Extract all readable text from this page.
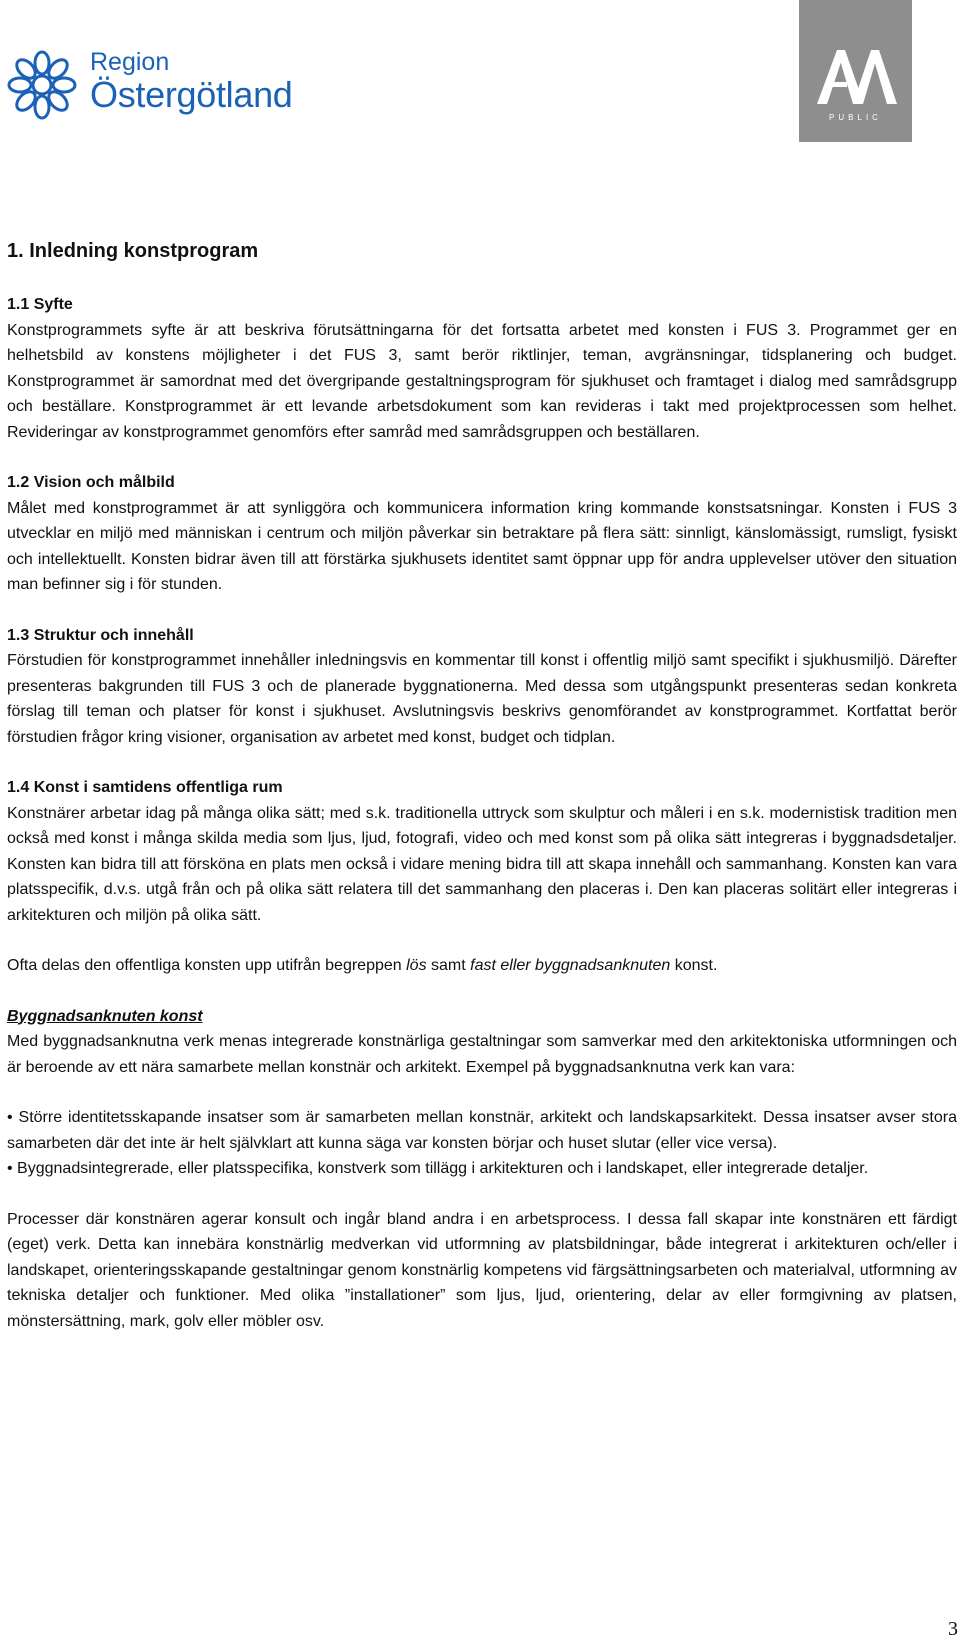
Region
Östergötland
PUBLIC
1. Inledning konstprogram
1.1 Syfte

Konstprogrammets syfte är att beskriva förutsättningarna för det fortsatta arbetet med konsten i FUS 3. Programmet ger en helhetsbild av konstens möjligheter i det FUS 3, samt berör riktlinjer, teman, avgränsningar, tidsplanering och budget. Konstprogrammet är samordnat med det övergripande gestaltningsprogram för sjukhuset och framtaget i dialog med samrådsgrupp och beställare. Konstprogrammet är ett levande arbetsdokument som kan revideras i takt med projektprocessen som helhet. Revideringar av konstprogrammet genomförs efter samråd med samrådsgruppen och beställaren.

1.2 Vision och målbild

Målet med konstprogrammet är att synliggöra och kommunicera information kring kommande konstsatsningar. Konsten i FUS 3 utvecklar en miljö med människan i centrum och miljön påverkar sin betraktare på flera sätt: sinnligt, känslomässigt, rumsligt, fysiskt och intellektuellt. Konsten bidrar även till att förstärka sjukhusets identitet samt öppnar upp för andra upplevelser utöver den situation man befinner sig i för stunden.

1.3 Struktur och innehåll

Förstudien för konstprogrammet innehåller inledningsvis en kommentar till konst i offentlig miljö samt specifikt i sjukhusmiljö. Därefter presenteras bakgrunden till FUS 3 och de planerade byggnationerna. Med dessa som utgångspunkt presenteras sedan konkreta förslag till teman och platser för konst i sjukhuset. Avslutningsvis beskrivs genomförandet av konstprogrammet. Kortfattat berör förstudien frågor kring visioner, organisation av arbetet med konst, budget och tidplan.

1.4 Konst i samtidens offentliga rum

Konstnärer arbetar idag på många olika sätt; med s.k. traditionella uttryck som skulptur och måleri i en s.k. modernistisk tradition men också med konst i många skilda media som ljus, ljud, fotografi, video och med konst som på olika sätt integreras i byggnadsdetaljer. Konsten kan bidra till att försköna en plats men också i vidare mening bidra till att skapa innehåll och sammanhang. Konsten kan vara platsspecifik, d.v.s. utgå från och på olika sätt relatera till det sammanhang den placeras i. Den kan placeras solitärt eller integreras i arkitekturen och miljön på olika sätt.

Ofta delas den offentliga konsten upp utifrån begreppen lös samt fast eller byggnadsanknuten konst.

Byggnadsanknuten konst

Med byggnadsanknutna verk menas integrerade konstnärliga gestaltningar som samverkar med den arkitektoniska utformningen och är beroende av ett nära samarbete mellan konstnär och arkitekt. Exempel på byggnadsanknutna verk kan vara:

• Större identitetsskapande insatser som är samarbeten mellan konstnär, arkitekt och landskapsarkitekt. Dessa insatser avser stora samarbeten där det inte är helt självklart att kunna säga var konsten börjar och huset slutar (eller vice versa).

• Byggnadsintegrerade, eller platsspecifika, konstverk som tillägg i arkitekturen och i landskapet, eller integrerade detaljer.

Processer där konstnären agerar konsult och ingår bland andra i en arbetsprocess. I dessa fall skapar inte konstnären ett färdigt (eget) verk. Detta kan innebära konstnärlig medverkan vid utformning av platsbildningar, både integrerat i arkitekturen och/eller i landskapet, orienteringsskapande gestaltningar genom konstnärlig kompetens vid färgsättningsarbeten och materialval, utformning av tekniska detaljer och funktioner. Med olika ”installationer” som ljus, ljud, orientering, delar av eller formgivning av platsen, mönstersättning, mark, golv eller möbler osv.

3
